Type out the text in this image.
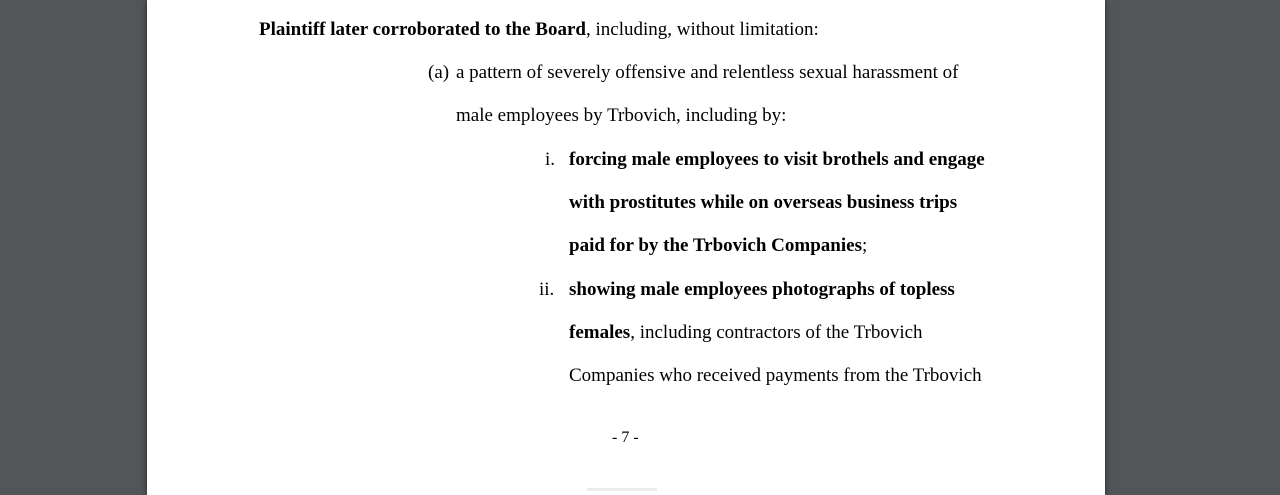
Plaintiff later corroborated to the Board, including, without limitation:
(a) a pattern of severely offensive and relentless sexual harassment of
male employees by Trbovich, including by:
i. forcing male employees to visit brothels and engage
with prostitutes while on overseas business trips
paid for by the Trbovich Companies;
ii. showing male employees photographs of topless
females, including contractors of the Trbovich
Companies who received payments from the Trbovich
- 7 -
